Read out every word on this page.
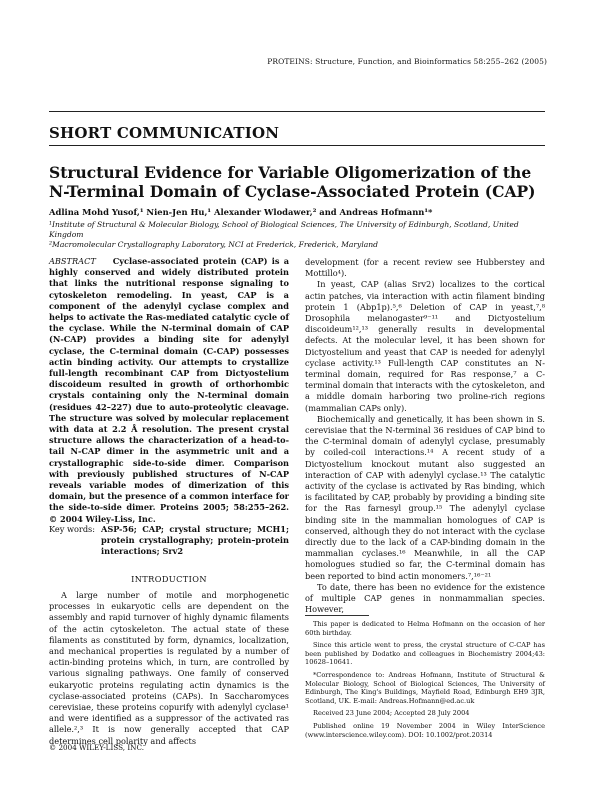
PROTEINS: Structure, Function, and Bioinformatics 58:255–262 (2005)
SHORT COMMUNICATION
Structural Evidence for Variable Oligomerization of the N-Terminal Domain of Cyclase-Associated Protein (CAP)
Adlina Mohd Yusof,¹ Nien-Jen Hu,¹ Alexander Wlodawer,² and Andreas Hofmann¹*
¹Institute of Structural & Molecular Biology, School of Biological Sciences, The University of Edinburgh, Scotland, United Kingdom
²Macromolecular Crystallography Laboratory, NCI at Frederick, Frederick, Maryland
ABSTRACT Cyclase-associated protein (CAP) is a highly conserved and widely distributed protein that links the nutritional response signaling to cytoskeleton remodeling. In yeast, CAP is a component of the adenylyl cyclase complex and helps to activate the Ras-mediated catalytic cycle of the cyclase. While the N-terminal domain of CAP (N-CAP) provides a binding site for adenylyl cyclase, the C-terminal domain (C-CAP) possesses actin binding activity. Our attempts to crystallize full-length recombinant CAP from Dictyostelium discoideum resulted in growth of orthorhombic crystals containing only the N-terminal domain (residues 42–227) due to auto-proteolytic cleavage. The structure was solved by molecular replacement with data at 2.2 Å resolution. The present crystal structure allows the characterization of a head-to-tail N-CAP dimer in the asymmetric unit and a crystallographic side-to-side dimer. Comparison with previously published structures of N-CAP reveals variable modes of dimerization of this domain, but the presence of a common interface for the side-to-side dimer. Proteins 2005; 58:255–262. © 2004 Wiley-Liss, Inc.
Key words: ASP-56; CAP; crystal structure; MCH1; protein crystallography; protein–protein interactions; Srv2
INTRODUCTION
A large number of motile and morphogenetic processes in eukaryotic cells are dependent on the assembly and rapid turnover of highly dynamic filaments of the actin cytoskeleton. The actual state of these filaments as constituted by form, dynamics, localization, and mechanical properties is regulated by a number of actin-binding proteins which, in turn, are controlled by various signaling pathways. One family of conserved eukaryotic proteins regulating actin dynamics is the cyclase-associated proteins (CAPs). In Saccharomyces cerevisiae, these proteins copurify with adenylyl cyclase¹ and were identified as a suppressor of the activated ras allele.²,³ It is now generally accepted that CAP determines cell polarity and affects

development (for a recent review see Hubberstey and Mottillo⁴).

In yeast, CAP (alias Srv2) localizes to the cortical actin patches, via interaction with actin filament binding protein 1 (Abp1p).⁵,⁶ Deletion of CAP in yeast,⁷,⁸ Drosophila melanogaster⁹⁻¹¹ and Dictyostelium discoideum¹²,¹³ generally results in developmental defects. At the molecular level, it has been shown for Dictyostelium and yeast that CAP is needed for adenylyl cyclase activity.¹³ Full-length CAP constitutes an N-terminal domain, required for Ras response,⁷ a C-terminal domain that interacts with the cytoskeleton, and a middle domain harboring two proline-rich regions (mammalian CAPs only).

Biochemically and genetically, it has been shown in S. cerevisiae that the N-terminal 36 residues of CAP bind to the C-terminal domain of adenylyl cyclase, presumably by coiled-coil interactions.¹⁴ A recent study of a Dictyostelium knockout mutant also suggested an interaction of CAP with adenylyl cyclase.¹³ The catalytic activity of the cyclase is activated by Ras binding, which is facilitated by CAP, probably by providing a binding site for the Ras farnesyl group.¹⁵ The adenylyl cyclase binding site in the mammalian homologues of CAP is conserved, although they do not interact with the cyclase directly due to the lack of a CAP-binding domain in the mammalian cyclases.¹⁶ Meanwhile, in all the CAP homologues studied so far, the C-terminal domain has been reported to bind actin monomers.⁷,¹⁶⁻²¹

To date, there has been no evidence for the existence of multiple CAP genes in nonmammalian species. However,

This paper is dedicated to Helma Hofmann on the occasion of her 60th birthday.

Since this article went to press, the crystal structure of C-CAP has been published by Dodatko and colleagues in Biochemistry 2004;43: 10628–10641.

*Correspondence to: Andreas Hofmann, Institute of Structural & Molecular Biology, School of Biological Sciences, The University of Edinburgh, The King's Buildings, Mayfield Road, Edinburgh EH9 3JR, Scotland, UK. E-mail: Andreas.Hofmann@ed.ac.uk

Received 23 June 2004; Accepted 28 July 2004

Published online 19 November 2004 in Wiley InterScience (www.interscience.wiley.com). DOI: 10.1002/prot.20314

© 2004 WILEY-LISS, INC.
